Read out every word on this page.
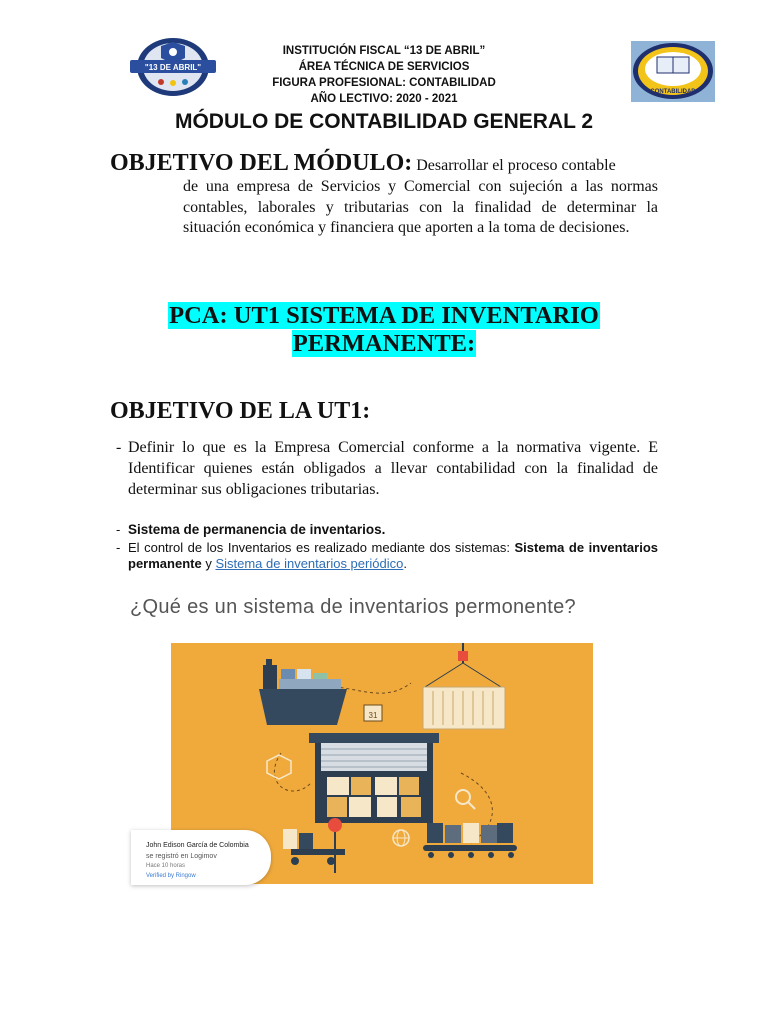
"13 DE ABRIL"
INSTITUCIÓN FISCAL “13 DE ABRIL”
ÁREA TÉCNICA DE SERVICIOS
FIGURA PROFESIONAL: CONTABILIDAD
AÑO LECTIVO: 2020 - 2021
CONTABILIDAD
MÓDULO DE CONTABILIDAD GENERAL 2
OBJETIVO DEL MÓDULO: Desarrollar el proceso contable
de una empresa de Servicios y Comercial con sujeción a las normas contables, laborales y tributarias con la finalidad de determinar la situación económica y financiera que aporten a la toma de decisiones.
PCA: UT1 SISTEMA DE INVENTARIO
PERMANENTE:
OBJETIVO DE LA UT1:
- Definir lo que es la Empresa Comercial conforme a la normativa vigente. E Identificar quienes están obligados a llevar contabilidad con la finalidad de determinar sus obligaciones tributarias.
- Sistema de permanencia de inventarios.
- El control de los Inventarios es realizado mediante dos sistemas: Sistema de inventarios permanente y Sistema de inventarios periódico.
¿Qué es un sistema de inventarios permonente?
31
John Edison García de Colombia
se registró en Logimov
Hace 10 horas
Verified by Ringow
